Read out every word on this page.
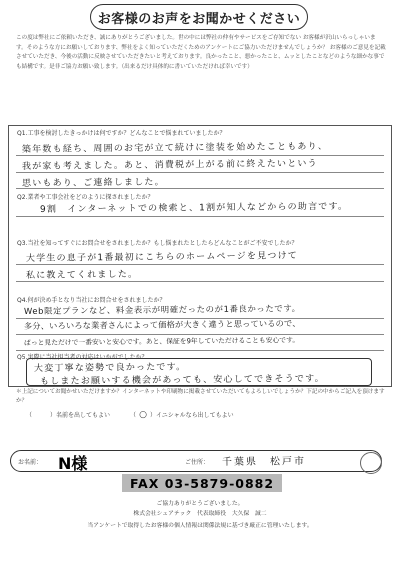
お客様のお声をお聞かせください
この度は弊社にご依頼いただき、誠にありがとうございました。世の中には弊社の仲有やサービスをご存知でない お客様が沢山いらっしゃいます。そのような方にお願いしております、弊社をよく知っていただくためのアンケートにご協力いただけませんでしょうか？ お客様のご意見を記載させていただき、今後の活動に反映させていただきたいと考えております。良かったこと、悪かったこと、ムッとしたことなどのような細かな事でも結構です。是非ご協力お願い致します。（出来るだけ具体的に書いていただければ幸いです）
Q1.工事を検討したきっかけは何ですか？どんなことで悩まれていましたか？
築年数も経ち、周囲のお宅が立て続けに塗装を始めたこともあり、
我が家も考えました。あと、消費税が上がる前に終えたいという
思いもあり、ご連絡しました。
Q2.業者や工事会社をどのように探されましたか？
9割　インターネットでの検索と、1割が知人などからの助言です。
Q3.当社を知ってすぐにお問合せをされましたか？もし悩まれたとしたらどんなことがご不安でしたか？
大学生の息子が1番最初にこちらのホームページを見つけて
私に教えてくれました。
Q4.何が決め手となり当社にお問合せをされましたか？
Web限定プランなど、料金表示が明確だったのが1番良かったです。
多分、いろいろな業者さんによって価格が大きく違うと思っているので、
ぱっと見ただけで一番安いと安心です。あと、保証を9年していただけることも安心です。
Q5.実際に当社担当者の対応はいかがでしたか？
大変丁寧な姿勢で良かったです。
もしまたお願いする機会があっても、安心してできそうです。
＊上記についてお聞かせいただけますか？インターネットや印刷物に掲載させていただいてもよろしいでしょうか？下記の中からご記入を頂けますか？
（	）名前を出してもよい	（ ○ ）イニシャルなら出してもよい
お名前： N様	ご住所： 千葉県　松戸市
FAX 03-5879-0882
ご協力ありがとうございました。
株式会社シェアテック　代表取締役　大久保　誠二
当アンケートで取得したお客様の個人情報は関係法規に基づき厳正に管理いたします。
